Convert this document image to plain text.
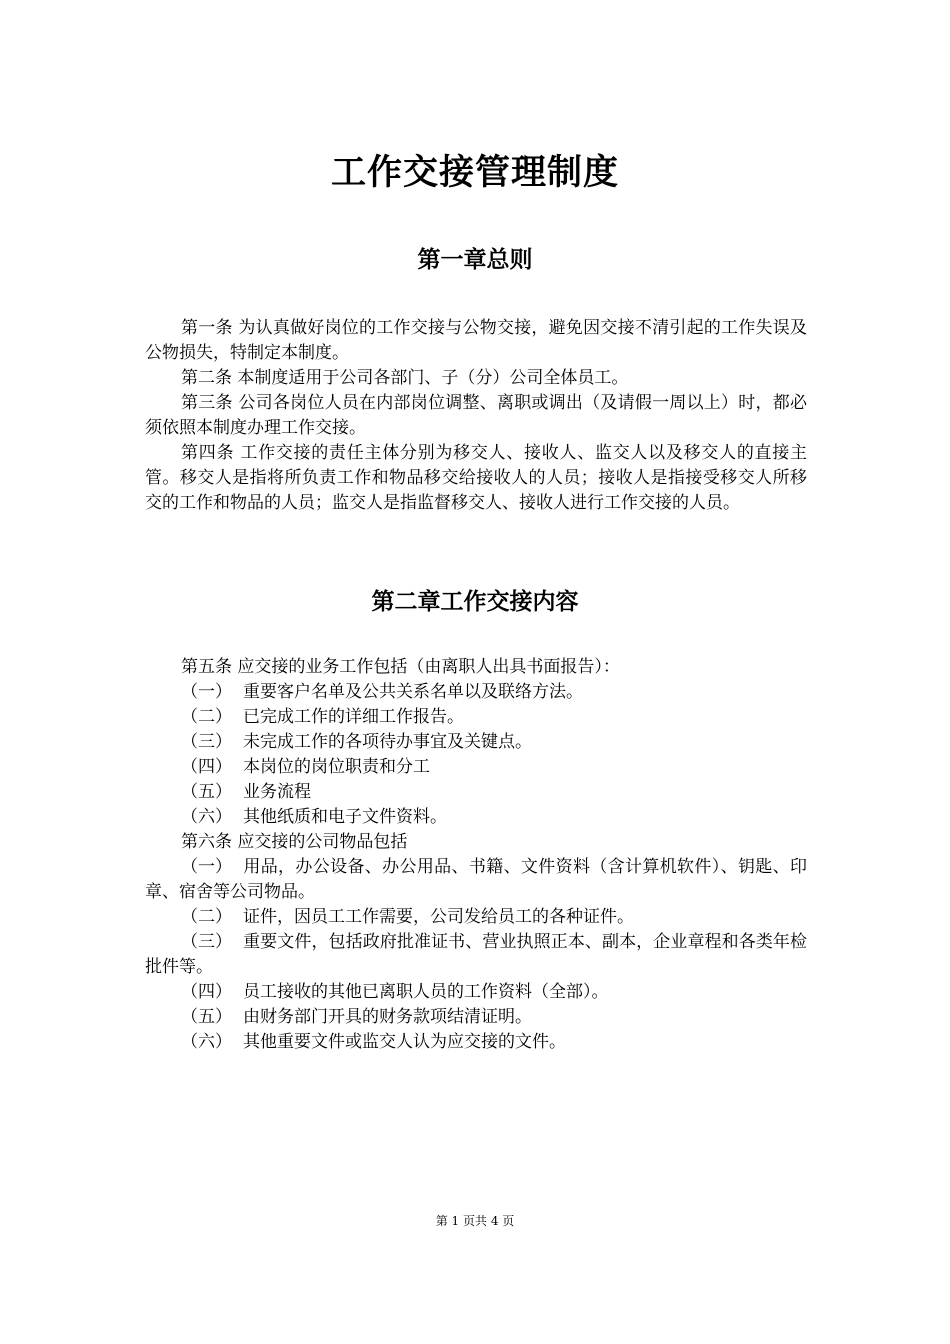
工作交接管理制度
第一章总则

第一条 为认真做好岗位的工作交接与公物交接，避免因交接不清引起的工作失误及公物损失，特制定本制度。

第二条 本制度适用于公司各部门、子（分）公司全体员工。

第三条 公司各岗位人员在内部岗位调整、离职或调出（及请假一周以上）时，都必须依照本制度办理工作交接。

第四条 工作交接的责任主体分别为移交人、接收人、监交人以及移交人的直接主管。移交人是指将所负责工作和物品移交给接收人的人员；接收人是指接受移交人所移交的工作和物品的人员；监交人是指监督移交人、接收人进行工作交接的人员。

第二章工作交接内容

第五条 应交接的业务工作包括（由离职人出具书面报告）：

（一） 重要客户名单及公共关系名单以及联络方法。

（二） 已完成工作的详细工作报告。

（三） 未完成工作的各项待办事宜及关键点。

（四） 本岗位的岗位职责和分工

（五） 业务流程

（六） 其他纸质和电子文件资料。

第六条 应交接的公司物品包括

（一） 用品，办公设备、办公用品、书籍、文件资料（含计算机软件）、钥匙、印章、宿舍等公司物品。

（二） 证件，因员工工作需要，公司发给员工的各种证件。

（三） 重要文件，包括政府批准证书、营业执照正本、副本，企业章程和各类年检批件等。

（四） 员工接收的其他已离职人员的工作资料（全部）。

（五） 由财务部门开具的财务款项结清证明。

（六） 其他重要文件或监交人认为应交接的文件。

第 1 页共 4 页
